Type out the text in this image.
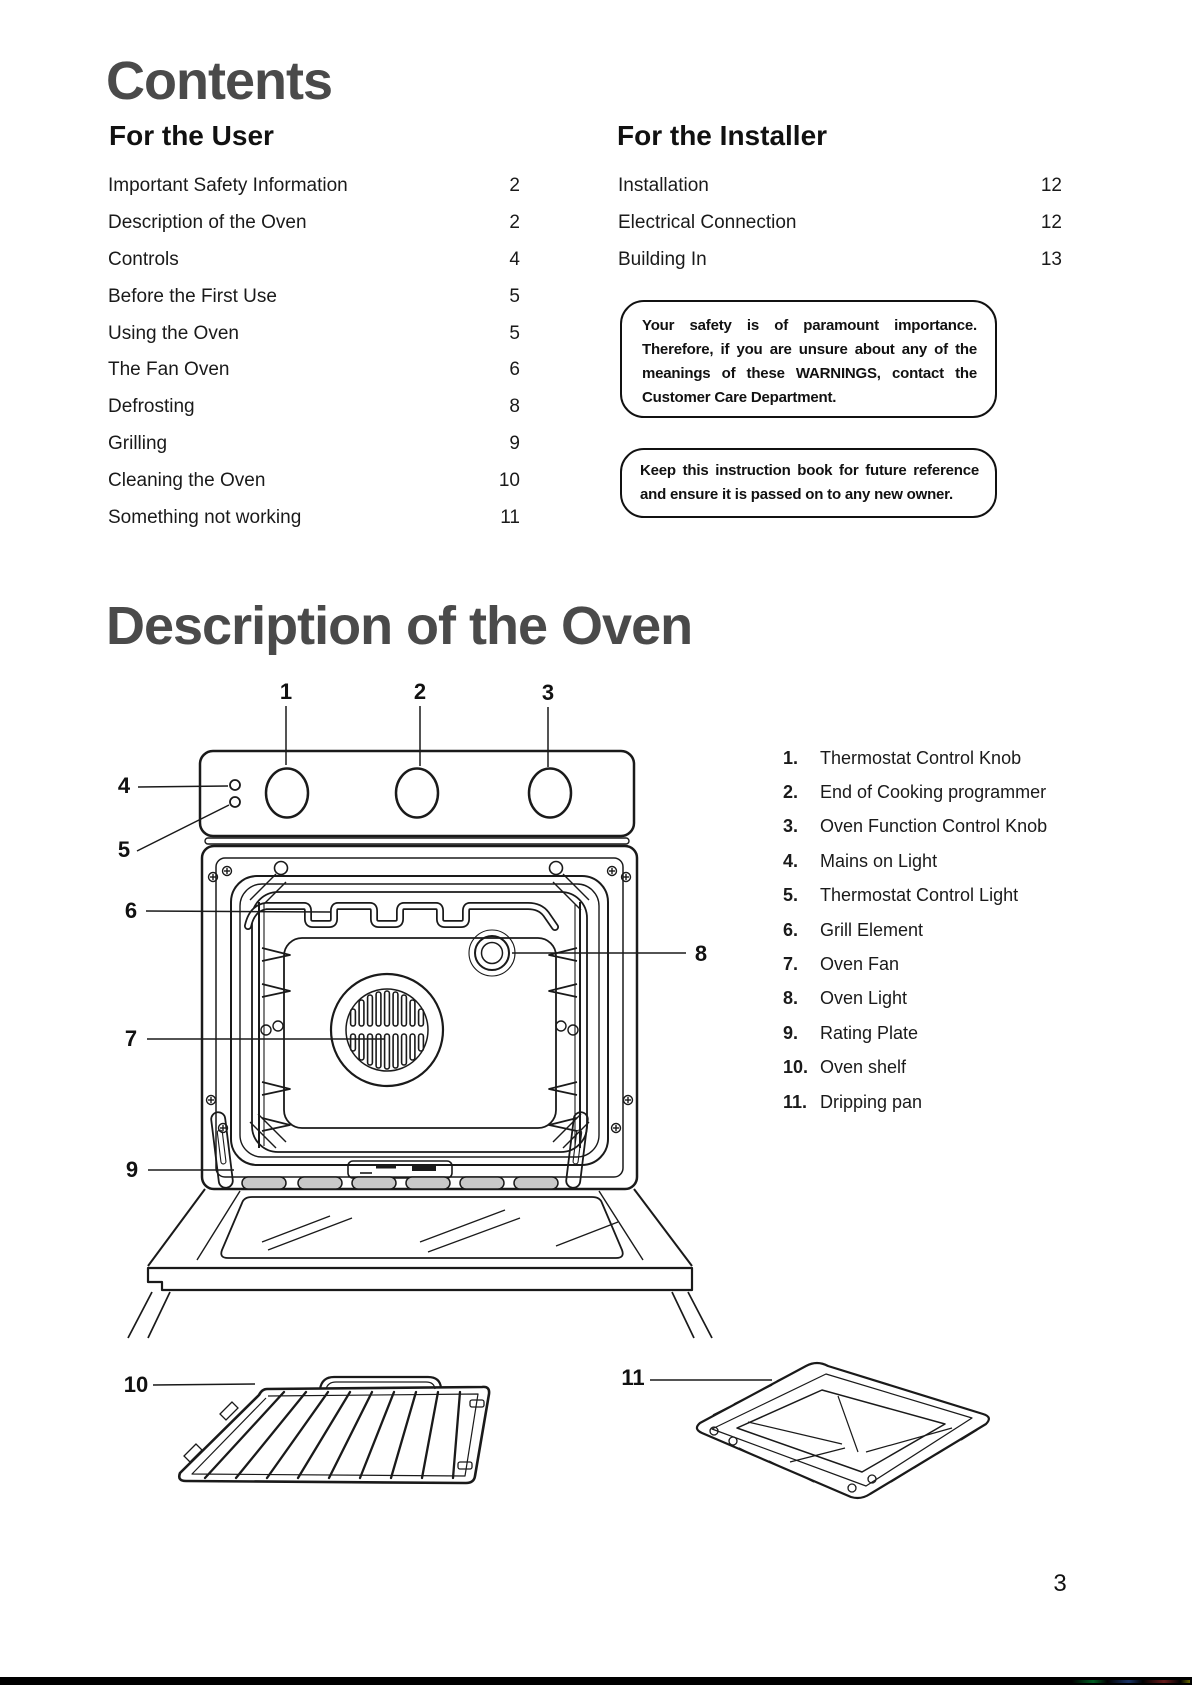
Contents
For the User	For the Installer
Important Safety Information	2
Description of the Oven	2
Controls	4
Before the First Use	5
Using the Oven	5
The Fan Oven	6
Defrosting	8
Grilling	9
Cleaning the Oven	10
Something not working	11
Installation	12
Electrical Connection	12
Building In	13
Your safety is of paramount importance. Therefore, if you are unsure about any of the meanings of these WARNINGS, contact the Customer Care Department.
Keep this instruction book for future reference and ensure it is passed on to any new owner.
Description of the Oven
1.	Thermostat Control Knob
2.	End of Cooking programmer
3.	Oven Function Control Knob
4.	Mains on Light
5.	Thermostat Control Light
6.	Grill Element
7.	Oven Fan
8.	Oven Light
9.	Rating Plate
10. Oven shelf
11. Dripping pan
1	2	3
4
5
6
7
8
9
10	11
3
